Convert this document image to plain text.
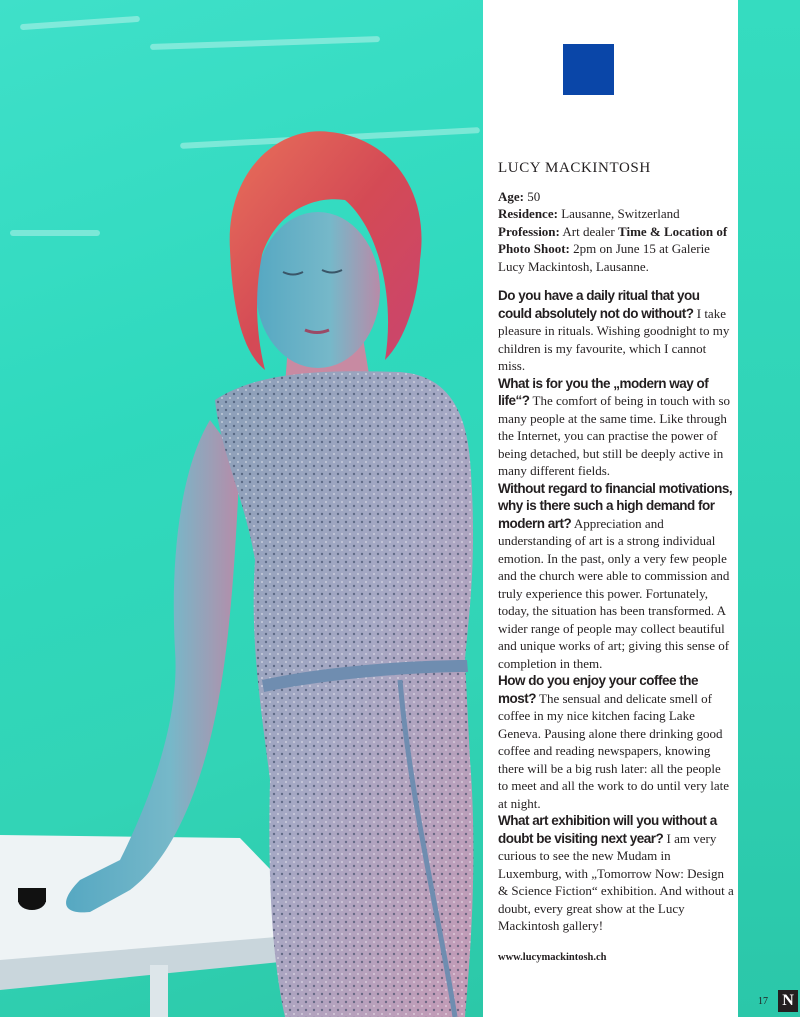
LUCY MACKINTOSH

Age: 50

Residence: Lausanne, Switzerland

Profession: Art dealer Time & Location of Photo Shoot: 2pm on June 15 at Galerie Lucy Mackintosh, Lausanne.

Do you have a daily ritual that you could absolutely not do without? I take pleasure in rituals. Wishing goodnight to my children is my favourite, which I cannot miss.

What is for you the „modern way of life“? The comfort of being in touch with so many people at the same time. Like through the Internet, you can practise the power of being detached, but still be deeply active in many different fields.

Without regard to financial motivations, why is there such a high demand for modern art? Appreciation and understanding of art is a strong individual emotion. In the past, only a very few people and the church were able to commission and truly experience this power. Fortunately, today, the situation has been transformed. A wider range of people may collect beautiful and unique works of art; giving this sense of completion in them.

How do you enjoy your coffee the most? The sensual and delicate smell of coffee in my nice kitchen facing Lake Geneva. Pausing alone there drinking good coffee and reading newspapers, knowing there will be a big rush later: all the people to meet and all the work to do until very late at night.

What art exhibition will you without a doubt be visiting next year? I am very curious to see the new Mudam in Luxemburg, with „Tomorrow Now: Design & Science Fiction“ exhibition. And without a doubt, every great show at the Lucy Mackintosh gallery!

www.lucymackintosh.ch
17 N
